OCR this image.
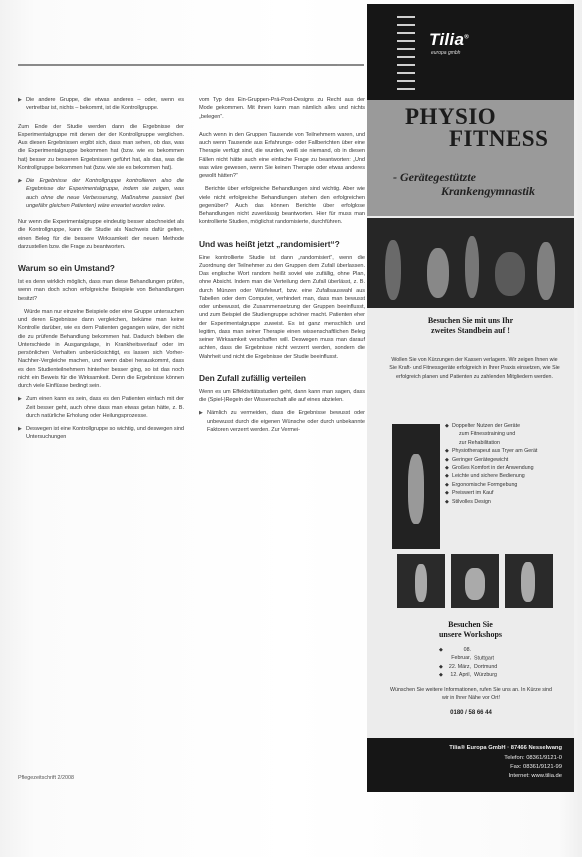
▶ Die andere Gruppe, die etwas anderes – oder, wenn es vertretbar ist, nichts – bekommt, ist die Kontrollgruppe.

Zum Ende der Studie werden dann die Ergebnisse der Experimentalgruppe mit denen der der Kontrollgruppe verglichen. Aus diesen Ergebnissen ergibt sich, dass man sehen, ob das, was die Experimentalgruppe bekommen hat (bzw. wie es bekommen hat) besser zu besseren Ergebnissen geführt hat, als das, was die Kontrollgruppe bekommen hat (bzw. wie sie es bekommen hat).

▶ Die Ergebnisse der Kontrollgruppe kontrollieren also die Ergebnisse der Experimentalgruppe, indem sie zeigen, was auch ohne die neue Verbesserung, Maßnahme passiert (bei ungefähr gleichen Patienten) wäre erwartet worden wäre.

Nur wenn die Experimentalgruppe eindeutig besser abschneidet als die Kontrollgruppe, kann die Studie als Nachweis dafür gelten, einen Beleg für die bessere Wirksamkeit der neuen Methode darzustellen bzw. die Frage zu beantworten.

Warum so ein Umstand?

Ist es denn wirklich möglich, dass man diese Behandlungen prüfen, wenn man doch schon erfolgreiche Beispiele von Behandlungen besitzt?

Würde man nur einzelne Beispiele oder eine Gruppe untersuchen und deren Ergebnisse dann vergleichen, bekäme man keine Kontrolle darüber, wie es dem Patienten gegangen wäre, der nicht die zu prüfende Behandlung bekommen hat. Dadurch bleiben die Unterschiede in Ausgangslage, in Krankheitsverlauf oder im persönlichen Verhalten unberücksichtigt, es lassen sich Vorher-Nachher-Vergleiche machen, und wenn dabei herauskommt, dass es den Studienteilnehmern hinterher besser ging, so ist das noch nicht ein Beweis für die Wirksamkeit. Denn die Ergebnisse können durch viele Einflüsse bedingt sein.

▶ Zum einen kann es sein, dass es den Patienten einfach mit der Zeit besser geht, auch ohne dass man etwas getan hätte, z. B. durch natürliche Erholung oder Heilungsprozesse.
▶ Deswegen ist eine Kontrollgruppe so wichtig, und deswegen sind Untersuchungen
Pflegezeitschrift 2/2008

vom Typ des Ein-Gruppen-Prä-Post-Designs zu Recht aus der Mode gekommen. Mit ihnen kann man nämlich alles und nichts „belegen“.

Auch wenn in den Gruppen Tausende von Teilnehmern waren, und auch wenn Tausende aus Erfahrungs- oder Fallberichten über eine Therapie verfügt sind, die wurden, weiß sie niemand, ob in diesen Fällen nicht hätte auch eine einfache Frage zu beantworten: „Und was wäre gewesen, wenn Sie keinen Therapie oder etwas anderes gewollt hätten?“

Berichte über erfolgreiche Behandlungen sind wichtig. Aber wie viele nicht erfolgreiche Behandlungen stehen den erfolgreichen gegenüber? Auch das können Berichte über erfolglose Behandlungen nicht zuverlässig beantworten. Hier für muss man kontrollierte Studien, möglichst randomisierte, durchführen.

Und was heißt jetzt „randomisiert“?

Eine kontrollierte Studie ist dann „randomisiert“, wenn die Zuordnung der Teilnehmer zu den Gruppen dem Zufall überlassen. Das englische Wort random heißt soviel wie zufällig, ohne Plan, ohne Absicht. Indem man die Verteilung dem Zufall überlässt, z. B. durch Münzen oder Würfelwurf, bzw. eine Zufallsauswahl aus Tabellen oder dem Computer, verhindert man, dass man bewusst oder unbewusst, die Zusammensetzung der Gruppen beeinflusst, und zum Beispiel die Studiengruppe schöner macht. Patienten eher der Experimentalgruppe zuweist. Es ist ganz menschlich und legitim, dass man seiner Therapie einen wissenschaftlichen Beleg seiner Wirksamkeit verschaffen will. Deswegen muss man darauf achten, dass die Ergebnisse nicht verzerrt werden, sondern die Wahrheit und nicht die Ergebnisse der Studie beeinflusst.

Den Zufall zufällig verteilen

Wenn es um Effektivitätsstudien geht, dann kann man sagen, dass die (Spiel-)Regeln der Wissenschaft alle auf eines abzielen.

▶ Nämlich zu vermeiden, dass die Ergebnisse bewusst oder unbewusst durch die eigenen Wünsche oder durch unbekannte Faktoren verzerrt werden. Zur Vermei-
Tilia®
europa gmbh
PHYSIO
FITNESS
- Gerätegestützte
Krankengymnastik
Besuchen Sie mit uns Ihr
zweites Standbein auf !
Wollen Sie von Kürzungen der Kassen verlagern. Wir zeigen Ihnen wie Sie Kraft- und Fitnessgeräte erfolgreich in Ihrer Praxis einsetzen, wie Sie erfolgreich planen und Patienten zu zahlenden Mitgliedern werden.
◆ Doppelter Nutzen der Geräte
zum Fitnesstraining und
zur Rehabilitation
◆ Physiotherapeut aus Tryer am Gerät
◆ Geringer Gerätegewicht
◆ Großes Komfort in der Anwendung
◆ Leichte und sichere Bedienung
◆ Ergonomische Formgebung
◆ Preiswert im Kauf
◆ Stilvolles Design
Besuchen Sie
unsere Workshops
◆ 08. Februar, Stuttgart
◆ 22. März, Dortmund
◆ 12. April, Würzburg
Wünschen Sie weitere Informationen, rufen Sie uns an. In Kürze sind wir in Ihrer Nähe vor Ort!
0180 / 58 66 44
Tilia® Europa GmbH · 87466 Nesselwang
Telefon: 08361/9121-0
Fax: 08361/9121-99
Internet: www.tilia.de
